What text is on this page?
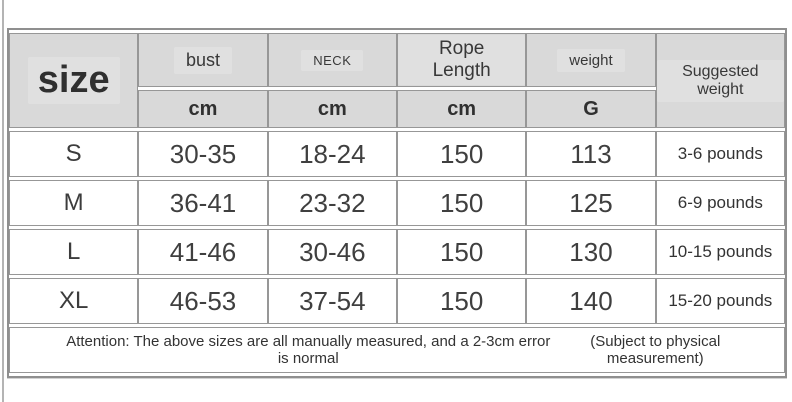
size	bust	NECK	Rope Length	weight	Suggested weight
	cm	cm	cm	G	
S	30-35	18-24	150	113	3-6 pounds
M	36-41	23-32	150	125	6-9 pounds
L	41-46	30-46	150	130	10-15 pounds
XL	46-53	37-54	150	140	15-20 pounds

Attention: The above sizes are all manually measured, and a 2-3cm error is normal
(Subject to physical measurement)					
